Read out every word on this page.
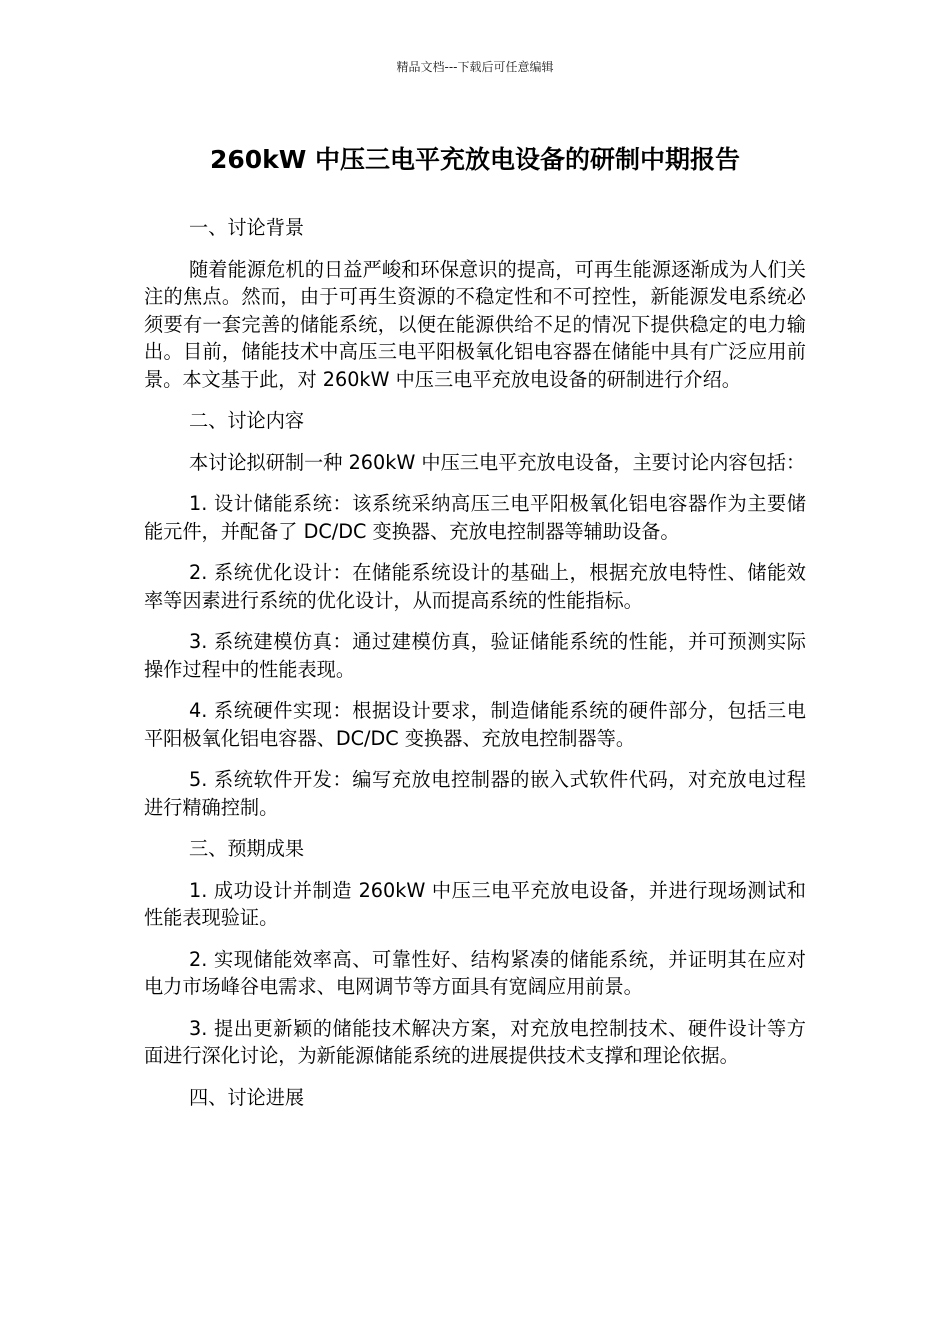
精品文档---下载后可任意编辑
260kW 中压三电平充放电设备的研制中期报告
一、讨论背景

随着能源危机的日益严峻和环保意识的提高，可再生能源逐渐成为人们关注的焦点。然而，由于可再生资源的不稳定性和不可控性，新能源发电系统必须要有一套完善的储能系统，以便在能源供给不足的情况下提供稳定的电力输出。目前，储能技术中高压三电平阳极氧化铝电容器在储能中具有广泛应用前景。本文基于此，对 260kW 中压三电平充放电设备的研制进行介绍。

二、讨论内容

本讨论拟研制一种 260kW 中压三电平充放电设备，主要讨论内容包括：

1. 设计储能系统：该系统采纳高压三电平阳极氧化铝电容器作为主要储能元件，并配备了 DC/DC 变换器、充放电控制器等辅助设备。

2. 系统优化设计：在储能系统设计的基础上，根据充放电特性、储能效率等因素进行系统的优化设计，从而提高系统的性能指标。

3. 系统建模仿真：通过建模仿真，验证储能系统的性能，并可预测实际操作过程中的性能表现。

4. 系统硬件实现：根据设计要求，制造储能系统的硬件部分，包括三电平阳极氧化铝电容器、DC/DC 变换器、充放电控制器等。

5. 系统软件开发：编写充放电控制器的嵌入式软件代码，对充放电过程进行精确控制。

三、预期成果

1. 成功设计并制造 260kW 中压三电平充放电设备，并进行现场测试和性能表现验证。

2. 实现储能效率高、可靠性好、结构紧凑的储能系统，并证明其在应对电力市场峰谷电需求、电网调节等方面具有宽阔应用前景。

3. 提出更新颖的储能技术解决方案，对充放电控制技术、硬件设计等方面进行深化讨论，为新能源储能系统的进展提供技术支撑和理论依据。

四、讨论进展
